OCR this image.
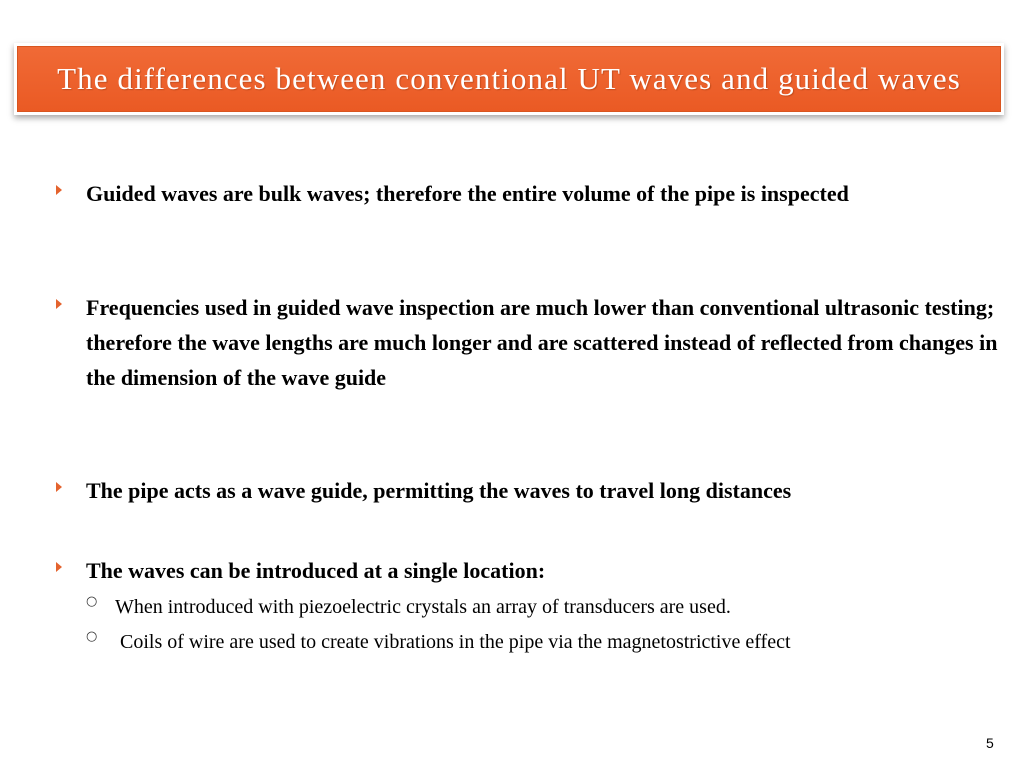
The differences between conventional UT waves and guided waves
Guided waves are bulk waves; therefore the entire volume of the pipe is inspected
Frequencies used in guided wave inspection are much lower than conventional ultrasonic testing; therefore the wave lengths are much longer and are scattered instead of reflected from changes in the dimension of the wave guide
The pipe acts as a wave guide, permitting the waves to travel long distances
The waves can be introduced at a single location:
○ When introduced with piezoelectric crystals an array of transducers are used.
○ Coils of wire are used to create vibrations in the pipe via the magnetostrictive effect
5
